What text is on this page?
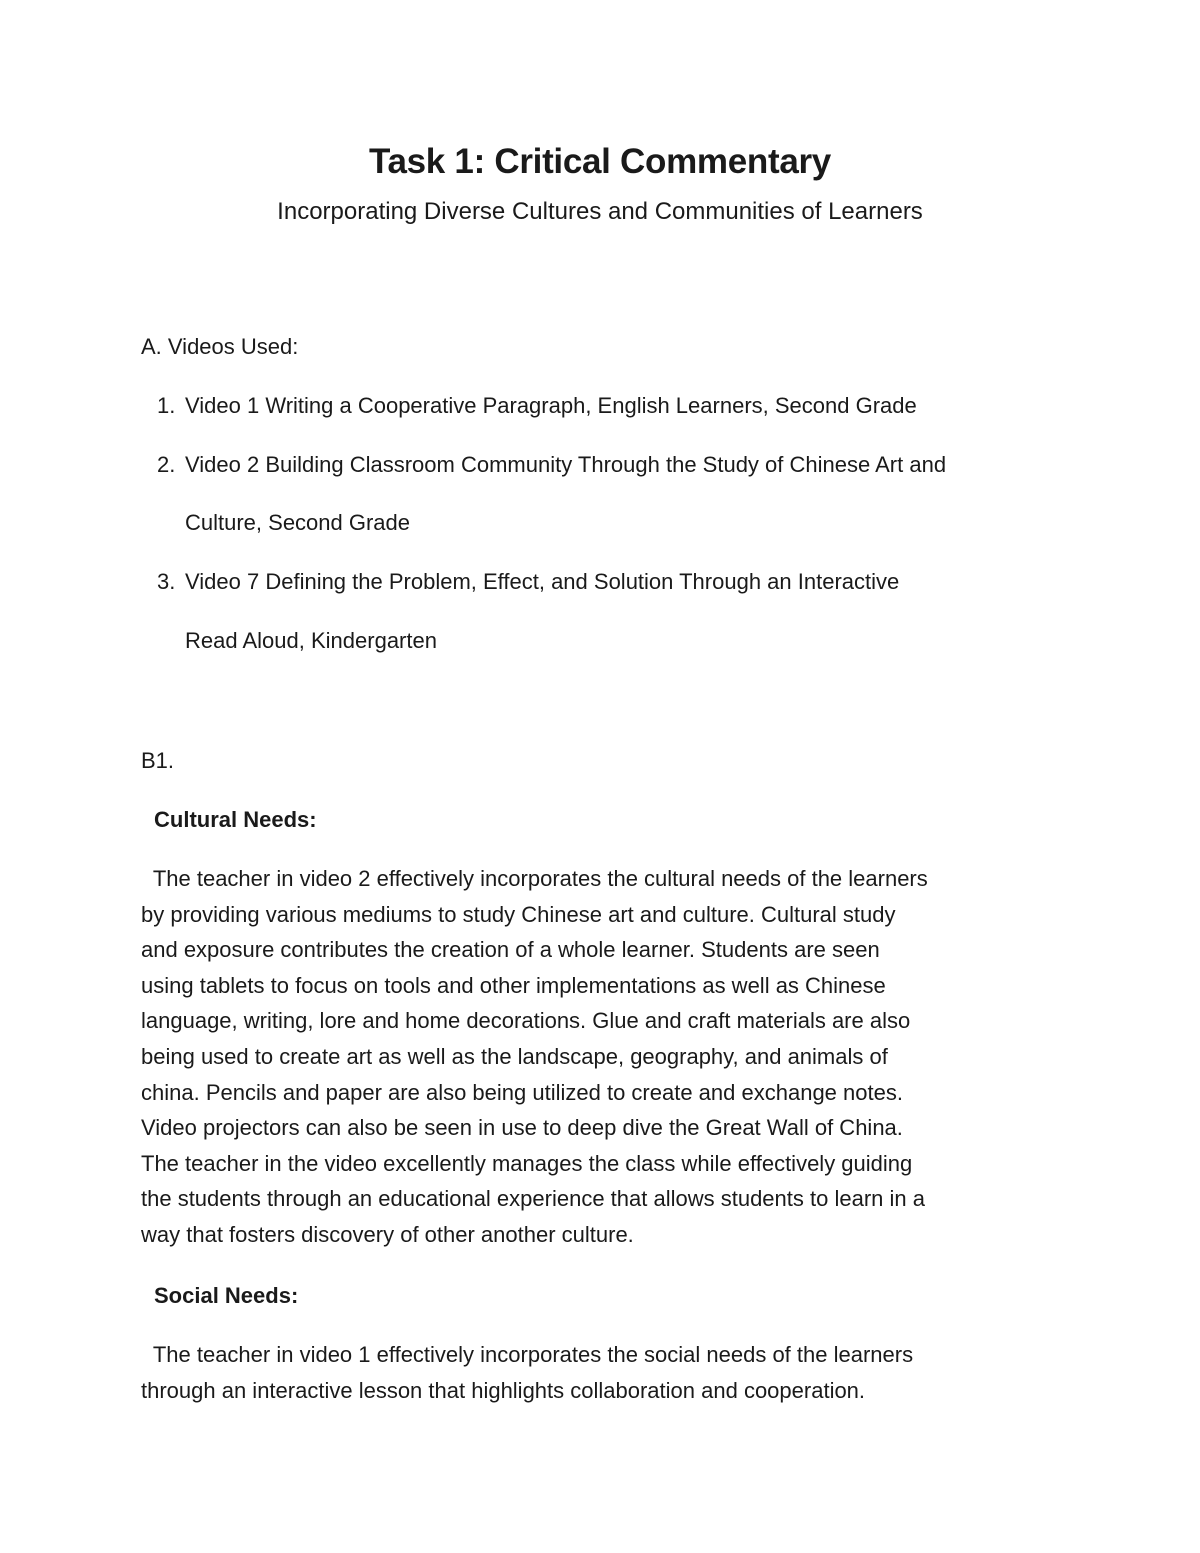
Task 1: Critical Commentary
Incorporating Diverse Cultures and Communities of Learners
A. Videos Used:
1. Video 1 Writing a Cooperative Paragraph, English Learners, Second Grade
2. Video 2 Building Classroom Community Through the Study of Chinese Art and
Culture, Second Grade
3. Video 7 Defining the Problem, Effect, and Solution Through an Interactive
Read Aloud, Kindergarten
B1.
Cultural Needs:
The teacher in video 2 effectively incorporates the cultural needs of the learners
by providing various mediums to study Chinese art and culture. Cultural study
and exposure contributes the creation of a whole learner. Students are seen
using tablets to focus on tools and other implementations as well as Chinese
language, writing, lore and home decorations. Glue and craft materials are also
being used to create art as well as the landscape, geography, and animals of
china. Pencils and paper are also being utilized to create and exchange notes.
Video projectors can also be seen in use to deep dive the Great Wall of China.
The teacher in the video excellently manages the class while effectively guiding
the students through an educational experience that allows students to learn in a
way that fosters discovery of other another culture.
Social Needs:
The teacher in video 1 effectively incorporates the social needs of the learners
through an interactive lesson that highlights collaboration and cooperation.
